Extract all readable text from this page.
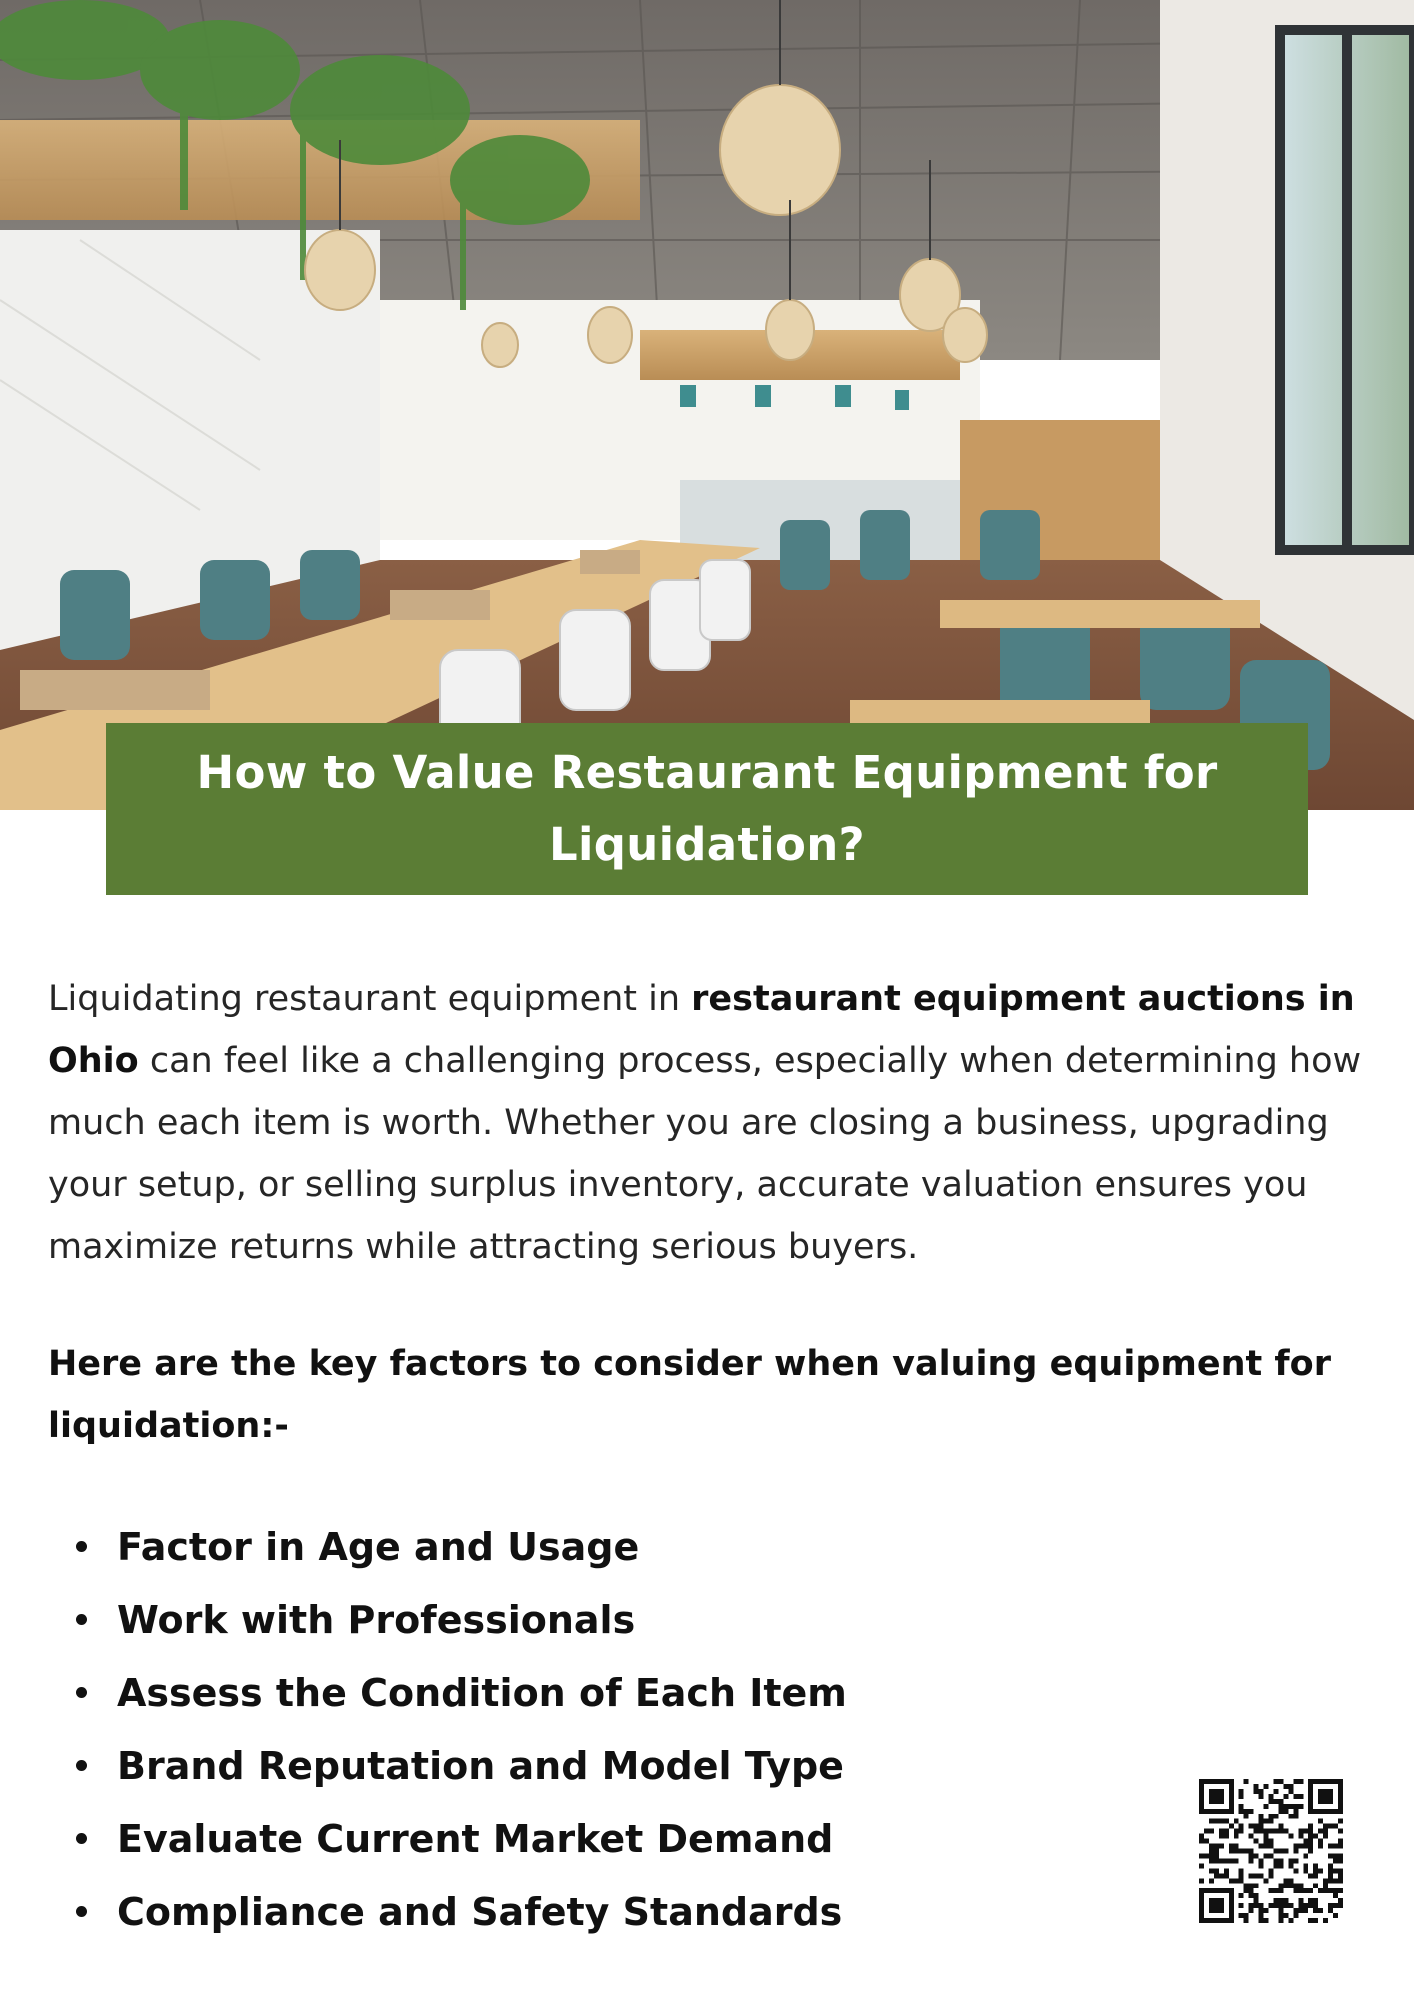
How to Value Restaurant Equipment for Liquidation?

Liquidating restaurant equipment in restaurant equipment auctions in Ohio can feel like a challenging process, especially when determining how much each item is worth. Whether you are closing a business, upgrading your setup, or selling surplus inventory, accurate valuation ensures you maximize returns while attracting serious buyers.

Here are the key factors to consider when valuing equipment for liquidation:-

Factor in Age and Usage
Work with Professionals
Assess the Condition of Each Item
Brand Reputation and Model Type
Evaluate Current Market Demand
Compliance and Safety Standards
